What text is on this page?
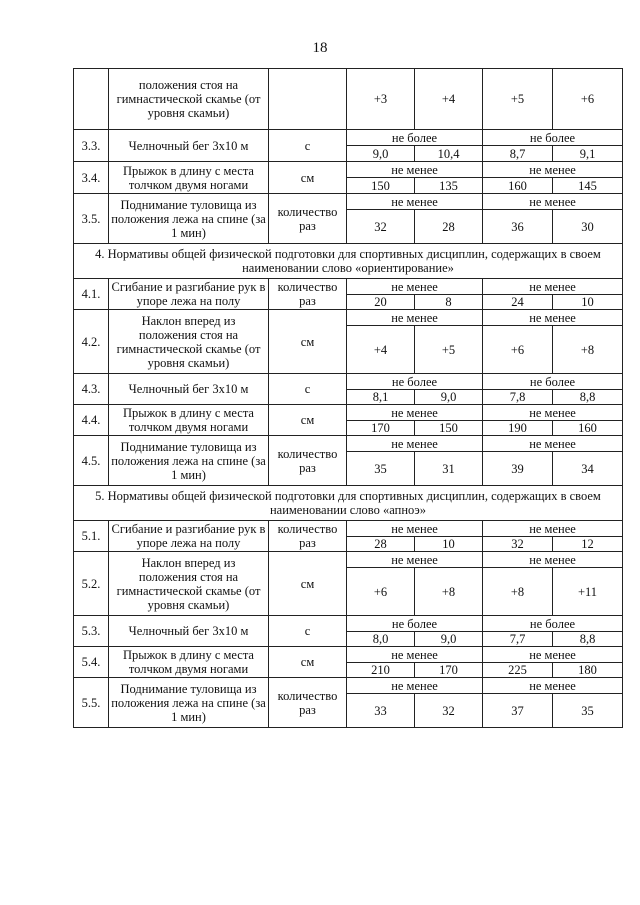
18
	положения стоя на гимнастической скамье (от уровня скамьи)		+3	+4	+5	+6
3.3.	Челночный бег 3х10 м	с	не более		не более	
			9,0	10,4	8,7	9,1
3.4.	Прыжок в длину с места толчком двумя ногами	см	не менее		не менее	
			150	135	160	145
3.5.	Поднимание туловища из положения лежа на спине (за 1 мин)	количество раз	не менее		не менее	
			32	28	36	30
4. Нормативы общей физической подготовки для спортивных дисциплин, содержащих в своем наименовании слово «ориентирование»						
4.1.	Сгибание и разгибание рук в упоре лежа на полу	количество раз	не менее		не менее	
			20	8	24	10
4.2.	Наклон вперед из положения стоя на гимнастической скамье (от уровня скамьи)	см	не менее		не менее	
			+4	+5	+6	+8
4.3.	Челночный бег 3х10 м	с	не более		не более	
			8,1	9,0	7,8	8,8
4.4.	Прыжок в длину с места толчком двумя ногами	см	не менее		не менее	
			170	150	190	160
4.5.	Поднимание туловища из положения лежа на спине (за 1 мин)	количество раз	не менее		не менее	
			35	31	39	34
5. Нормативы общей физической подготовки для спортивных дисциплин, содержащих в своем наименовании слово «апноэ»						
5.1.	Сгибание и разгибание рук в упоре лежа на полу	количество раз	не менее		не менее	
			28	10	32	12
5.2.	Наклон вперед из положения стоя на гимнастической скамье (от уровня скамьи)	см	не менее		не менее	
			+6	+8	+8	+11
5.3.	Челночный бег 3х10 м	с	не более		не более	
			8,0	9,0	7,7	8,8
5.4.	Прыжок в длину с места толчком двумя ногами	см	не менее		не менее	
			210	170	225	180
5.5.	Поднимание туловища из положения лежа на спине (за 1 мин)	количество раз	не менее		не менее	
			33	32	37	35
